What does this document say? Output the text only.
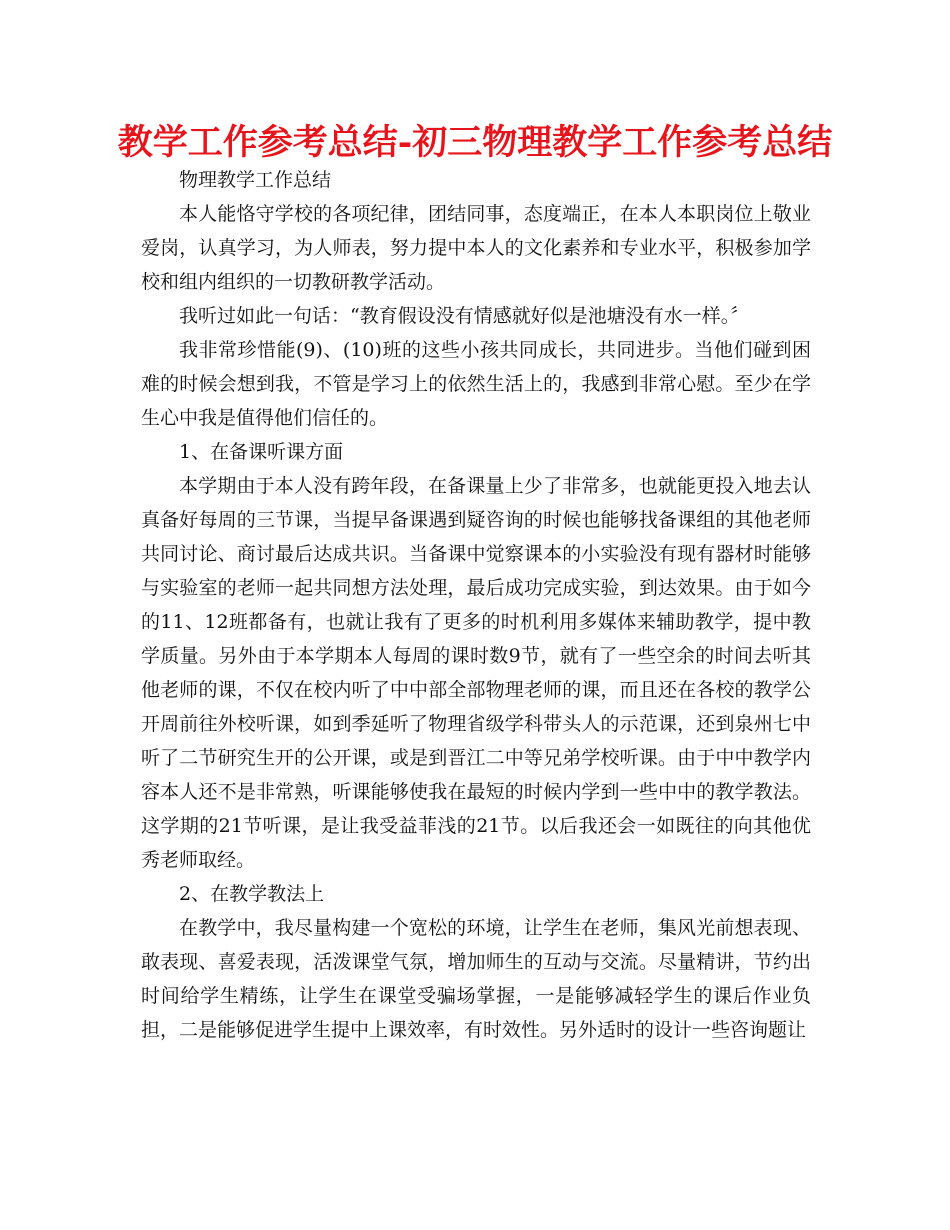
教学工作参考总结-初三物理教学工作参考总结

物理教学工作总结

本人能恪守学校的各项纪律，团结同事，态度端正，在本人本职岗位上敬业爱岗，认真学习，为人师表，努力提中本人的文化素养和专业水平，积极参加学校和组内组织的一切教研教学活动。

我听过如此一句话：“教育假设没有情感就好似是池塘没有水一样。〞

我非常珍惜能(9)、(10)班的这些小孩共同成长，共同进步。当他们碰到困难的时候会想到我，不管是学习上的依然生活上的，我感到非常心慰。至少在学生心中我是值得他们信任的。

1、在备课听课方面

本学期由于本人没有跨年段，在备课量上少了非常多，也就能更投入地去认真备好每周的三节课，当提早备课遇到疑咨询的时候也能够找备课组的其他老师共同讨论、商讨最后达成共识。当备课中觉察课本的小实验没有现有器材时能够与实验室的老师一起共同想方法处理，最后成功完成实验，到达效果。由于如今的11、12班都备有，也就让我有了更多的时机利用多媒体来辅助教学，提中教学质量。另外由于本学期本人每周的课时数9节，就有了一些空余的时间去听其他老师的课，不仅在校内听了中中部全部物理老师的课，而且还在各校的教学公开周前往外校听课，如到季延听了物理省级学科带头人的示范课，还到泉州七中听了二节研究生开的公开课，或是到晋江二中等兄弟学校听课。由于中中教学内容本人还不是非常熟，听课能够使我在最短的时候内学到一些中中的教学教法。这学期的21节听课，是让我受益菲浅的21节。以后我还会一如既往的向其他优秀老师取经。

2、在教学教法上

在教学中，我尽量构建一个宽松的环境，让学生在老师，集风光前想表现、敢表现、喜爱表现，活泼课堂气氛，增加师生的互动与交流。尽量精讲，节约出时间给学生精练，让学生在课堂受骗场掌握，一是能够减轻学生的课后作业负担，二是能够促进学生提中上课效率，有时效性。另外适时的设计一些咨询题让
